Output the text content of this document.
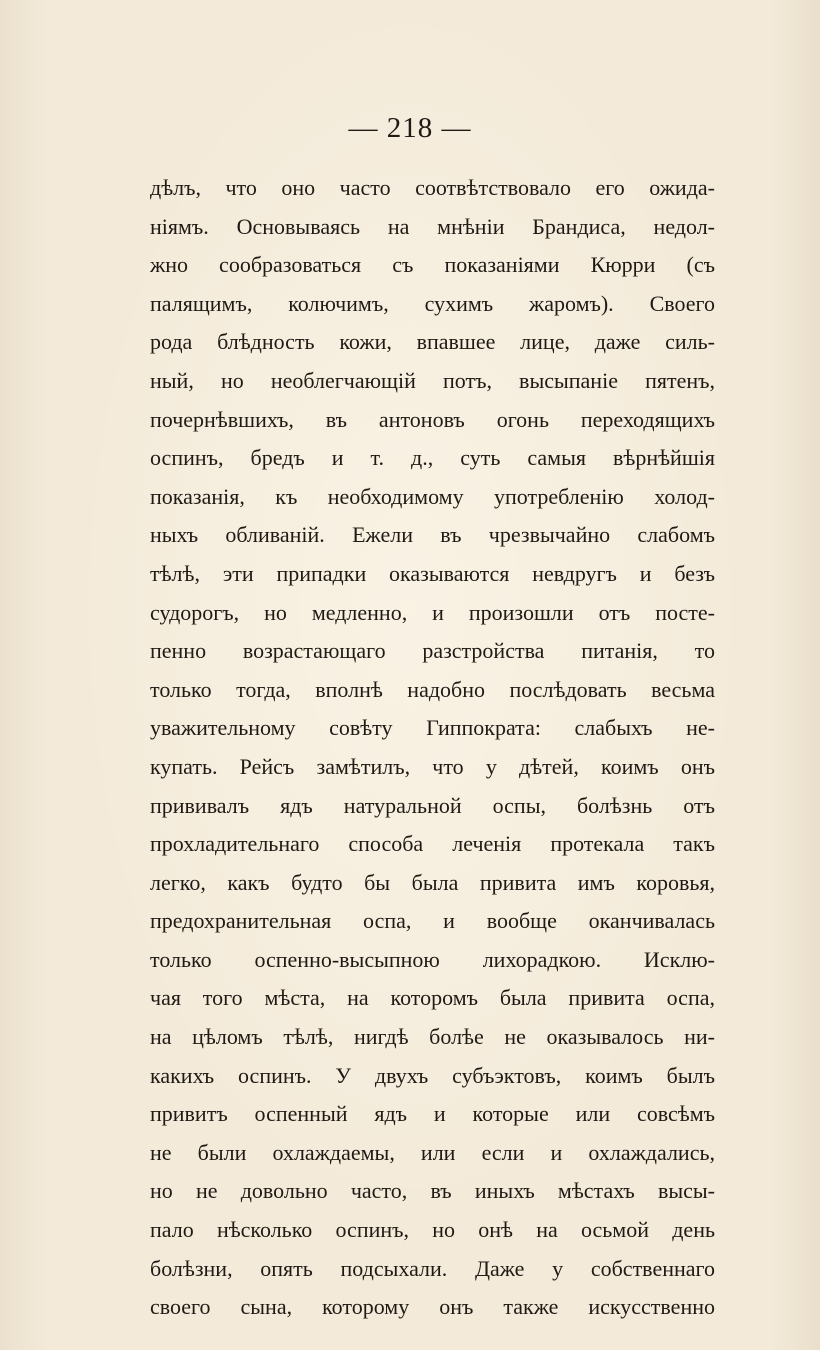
— 218 —
дѣлъ, что оно часто соотвѣтствовало его ожида-
ніямъ. Основываясь на мнѣніи Брандиса, недол-
жно сообразоваться съ показаніями Кюрри (съ
палящимъ, колючимъ, сухимъ жаромъ). Своего
рода блѣдность кожи, впавшее лице, даже силь-
ный, но необлегчающій потъ, высыпаніе пятенъ,
почернѣвшихъ, въ антоновъ огонь переходящихъ
оспинъ, бредъ и т. д., суть самыя вѣрнѣйшія
показанія, къ необходимому употребленію холод-
ныхъ обливаній. Ежели въ чрезвычайно слабомъ
тѣлѣ, эти припадки оказываются невдругъ и безъ
судорогъ, но медленно, и произошли отъ посте-
пенно возрастающаго разстройства питанія, то
только тогда, вполнѣ надобно послѣдовать весьма
уважительному совѣту Гиппократа: слабыхъ не-
купать. Рейсъ замѣтилъ, что у дѣтей, коимъ онъ
прививалъ ядъ натуральной оспы, болѣзнь отъ
прохладительнаго способа леченія протекала такъ
легко, какъ будто бы была привита имъ коровья,
предохранительная оспа, и вообще оканчивалась
только оспенно-высыпною лихорадкою. Исклю-
чая того мѣста, на которомъ была привита оспа,
на цѣломъ тѣлѣ, нигдѣ болѣе не оказывалось ни-
какихъ оспинъ. У двухъ субъэктовъ, коимъ былъ
привитъ оспенный ядъ и которые или совсѣмъ
не были охлаждаемы, или если и охлаждались,
но не довольно часто, въ иныхъ мѣстахъ высы-
пало нѣсколько оспинъ, но онѣ на осьмой день
болѣзни, опять подсыхали. Даже у собственнаго
своего сына, которому онъ также искусственно
